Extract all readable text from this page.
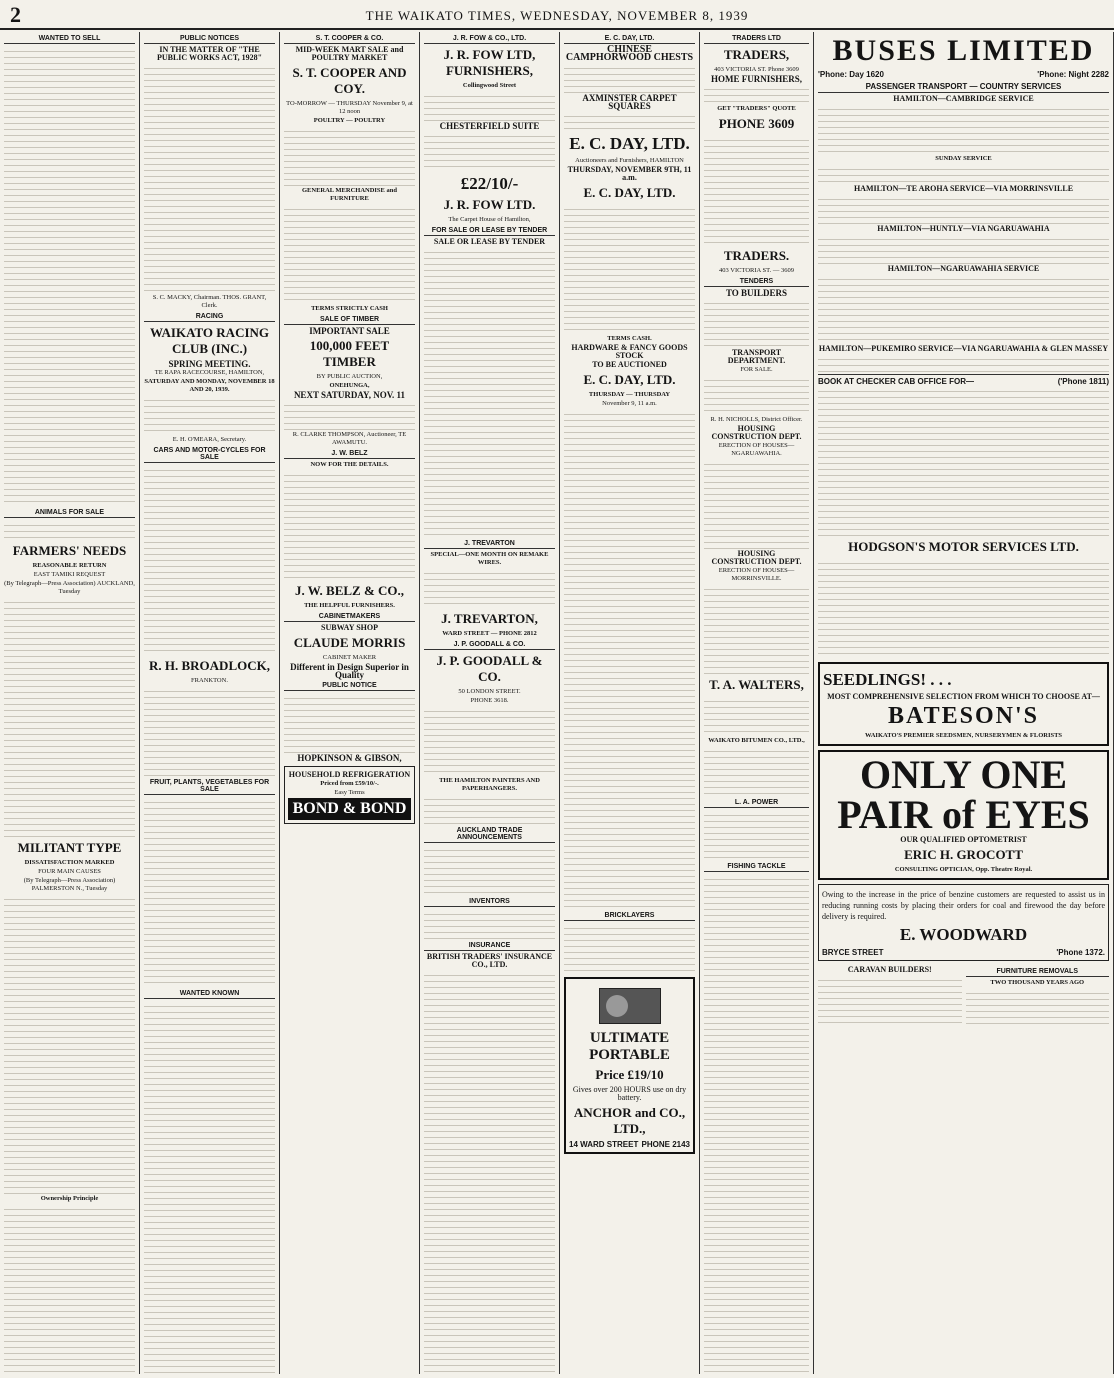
2	THE WAIKATO TIMES, WEDNESDAY, NOVEMBER 8, 1939
WANTED TO SELL
ANIMALS FOR SALE
FARMERS' NEEDS
REASONABLE RETURN
EAST TAMIKI REQUEST
(By Telegraph—Press Association) AUCKLAND, Tuesday
MILITANT TYPE
DISSATISFACTION MARKED
FOUR MAIN CAUSES
(By Telegraph—Press Association) PALMERSTON N., Tuesday
Ownership Principle
PUBLIC NOTICES
IN THE MATTER OF "THE PUBLIC WORKS ACT, 1928"
S. C. MACKY, Chairman. THOS. GRANT, Clerk.
RACING
WAIKATO RACING CLUB (INC.)
SPRING MEETING.
TE RAPA RACECOURSE, HAMILTON,
SATURDAY AND MONDAY, NOVEMBER 18 AND 20, 1939.
E. H. O'MEARA, Secretary.
CARS AND MOTOR-CYCLES FOR SALE
R. H. BROADLOCK,
FRANKTON.
FRUIT, PLANTS, VEGETABLES FOR SALE
WANTED KNOWN
S. T. COOPER & CO.
MID-WEEK MART SALE and POULTRY MARKET
S. T. COOPER AND COY.
TO-MORROW — THURSDAY November 9, at 12 noon
POULTRY — POULTRY
GENERAL MERCHANDISE and FURNITURE
TERMS STRICTLY CASH
SALE OF TIMBER
IMPORTANT SALE
100,000 FEET TIMBER
BY PUBLIC AUCTION,
ONEHUNGA,
NEXT SATURDAY, NOV. 11
R. CLARKE THOMPSON, Auctioneer, TE AWAMUTU.
J. W. BELZ
NOW FOR THE DETAILS.
J. W. BELZ & CO.,
THE HELPFUL FURNISHERS.
CABINETMAKERS
SUBWAY SHOP
CLAUDE MORRIS
CABINET MAKER
Different in Design Superior in Quality
PUBLIC NOTICE
HOPKINSON & GIBSON,
HOUSEHOLD REFRIGERATION
Priced from £59/10/-.
Easy Terms
BOND & BOND
J. R. FOW & CO., LTD.
J. R. FOW LTD, FURNISHERS,
Collingwood Street
CHESTERFIELD SUITE
£22/10/-
J. R. FOW LTD.
The Carpet House of Hamilton,
FOR SALE OR LEASE BY TENDER
SALE OR LEASE BY TENDER
J. TREVARTON
SPECIAL—ONE MONTH ON REMAKE WIRES.
J. TREVARTON,
WARD STREET — PHONE 2812
J. P. GOODALL & CO.
J. P. GOODALL & CO.
50 LONDON STREET.
PHONE 3618.
THE HAMILTON PAINTERS AND PAPERHANGERS.
AUCKLAND TRADE ANNOUNCEMENTS
INVENTORS
INSURANCE
BRITISH TRADERS' INSURANCE CO., LTD.
E. C. DAY, LTD.
CHINESE CAMPHORWOOD CHESTS
AXMINSTER CARPET SQUARES
E. C. DAY, LTD.
Auctioneers and Furnishers, HAMILTON
THURSDAY, NOVEMBER 9TH, 11 a.m.
E. C. DAY, LTD.
TERMS CASH.
HARDWARE & FANCY GOODS STOCK
TO BE AUCTIONED
E. C. DAY, LTD.
THURSDAY — THURSDAY
November 9, 11 a.m.
BRICKLAYERS
ULTIMATE PORTABLE
Price £19/10
Gives over 200 HOURS use on dry battery.
ANCHOR and CO., LTD.,
14 WARD STREET PHONE 2143
TRADERS LTD
TRADERS,
403 VICTORIA ST. Phone 3609
HOME FURNISHERS,
GET "TRADERS" QUOTE
PHONE 3609
TRADERS.
403 VICTORIA ST. — 3609
TENDERS
TO BUILDERS
TRANSPORT DEPARTMENT.
FOR SALE.
R. H. NICHOLLS, District Officer.
HOUSING CONSTRUCTION DEPT.
ERECTION OF HOUSES—NGARUAWAHIA.
HOUSING CONSTRUCTION DEPT.
ERECTION OF HOUSES—MORRINSVILLE.
T. A. WALTERS,
WAIKATO BITUMEN CO., LTD.,
L. A. POWER
FISHING TACKLE
BUSES LIMITED
'Phone: Day 1620	'Phone: Night 2282
PASSENGER TRANSPORT — COUNTRY SERVICES
HAMILTON—CAMBRIDGE SERVICE
SUNDAY SERVICE
HAMILTON—TE AROHA SERVICE—VIA MORRINSVILLE
HAMILTON—HUNTLY—VIA NGARUAWAHIA
HAMILTON—NGARUAWAHIA SERVICE
HAMILTON—PUKEMIRO SERVICE—VIA NGARUAWAHIA & GLEN MASSEY
BOOK AT CHECKER CAB OFFICE FOR—	('Phone 1811)
HODGSON'S MOTOR SERVICES LTD.
SEEDLINGS! . . .
MOST COMPREHENSIVE SELECTION FROM WHICH TO CHOOSE AT—
BATESON'S
WAIKATO'S PREMIER SEEDSMEN, NURSERYMEN & FLORISTS
ONLY ONE
PAIR of EYES
OUR QUALIFIED OPTOMETRIST
ERIC H. GROCOTT
CONSULTING OPTICIAN, Opp. Theatre Royal.
Owing to the increase in the price of benzine customers are requested to assist us in reducing running costs by placing their orders for coal and firewood the day before delivery is required.
E. WOODWARD
BRYCE STREET	'Phone 1372.
CARAVAN BUILDERS!	FURNITURE REMOVALS
TWO THOUSAND YEARS AGO
